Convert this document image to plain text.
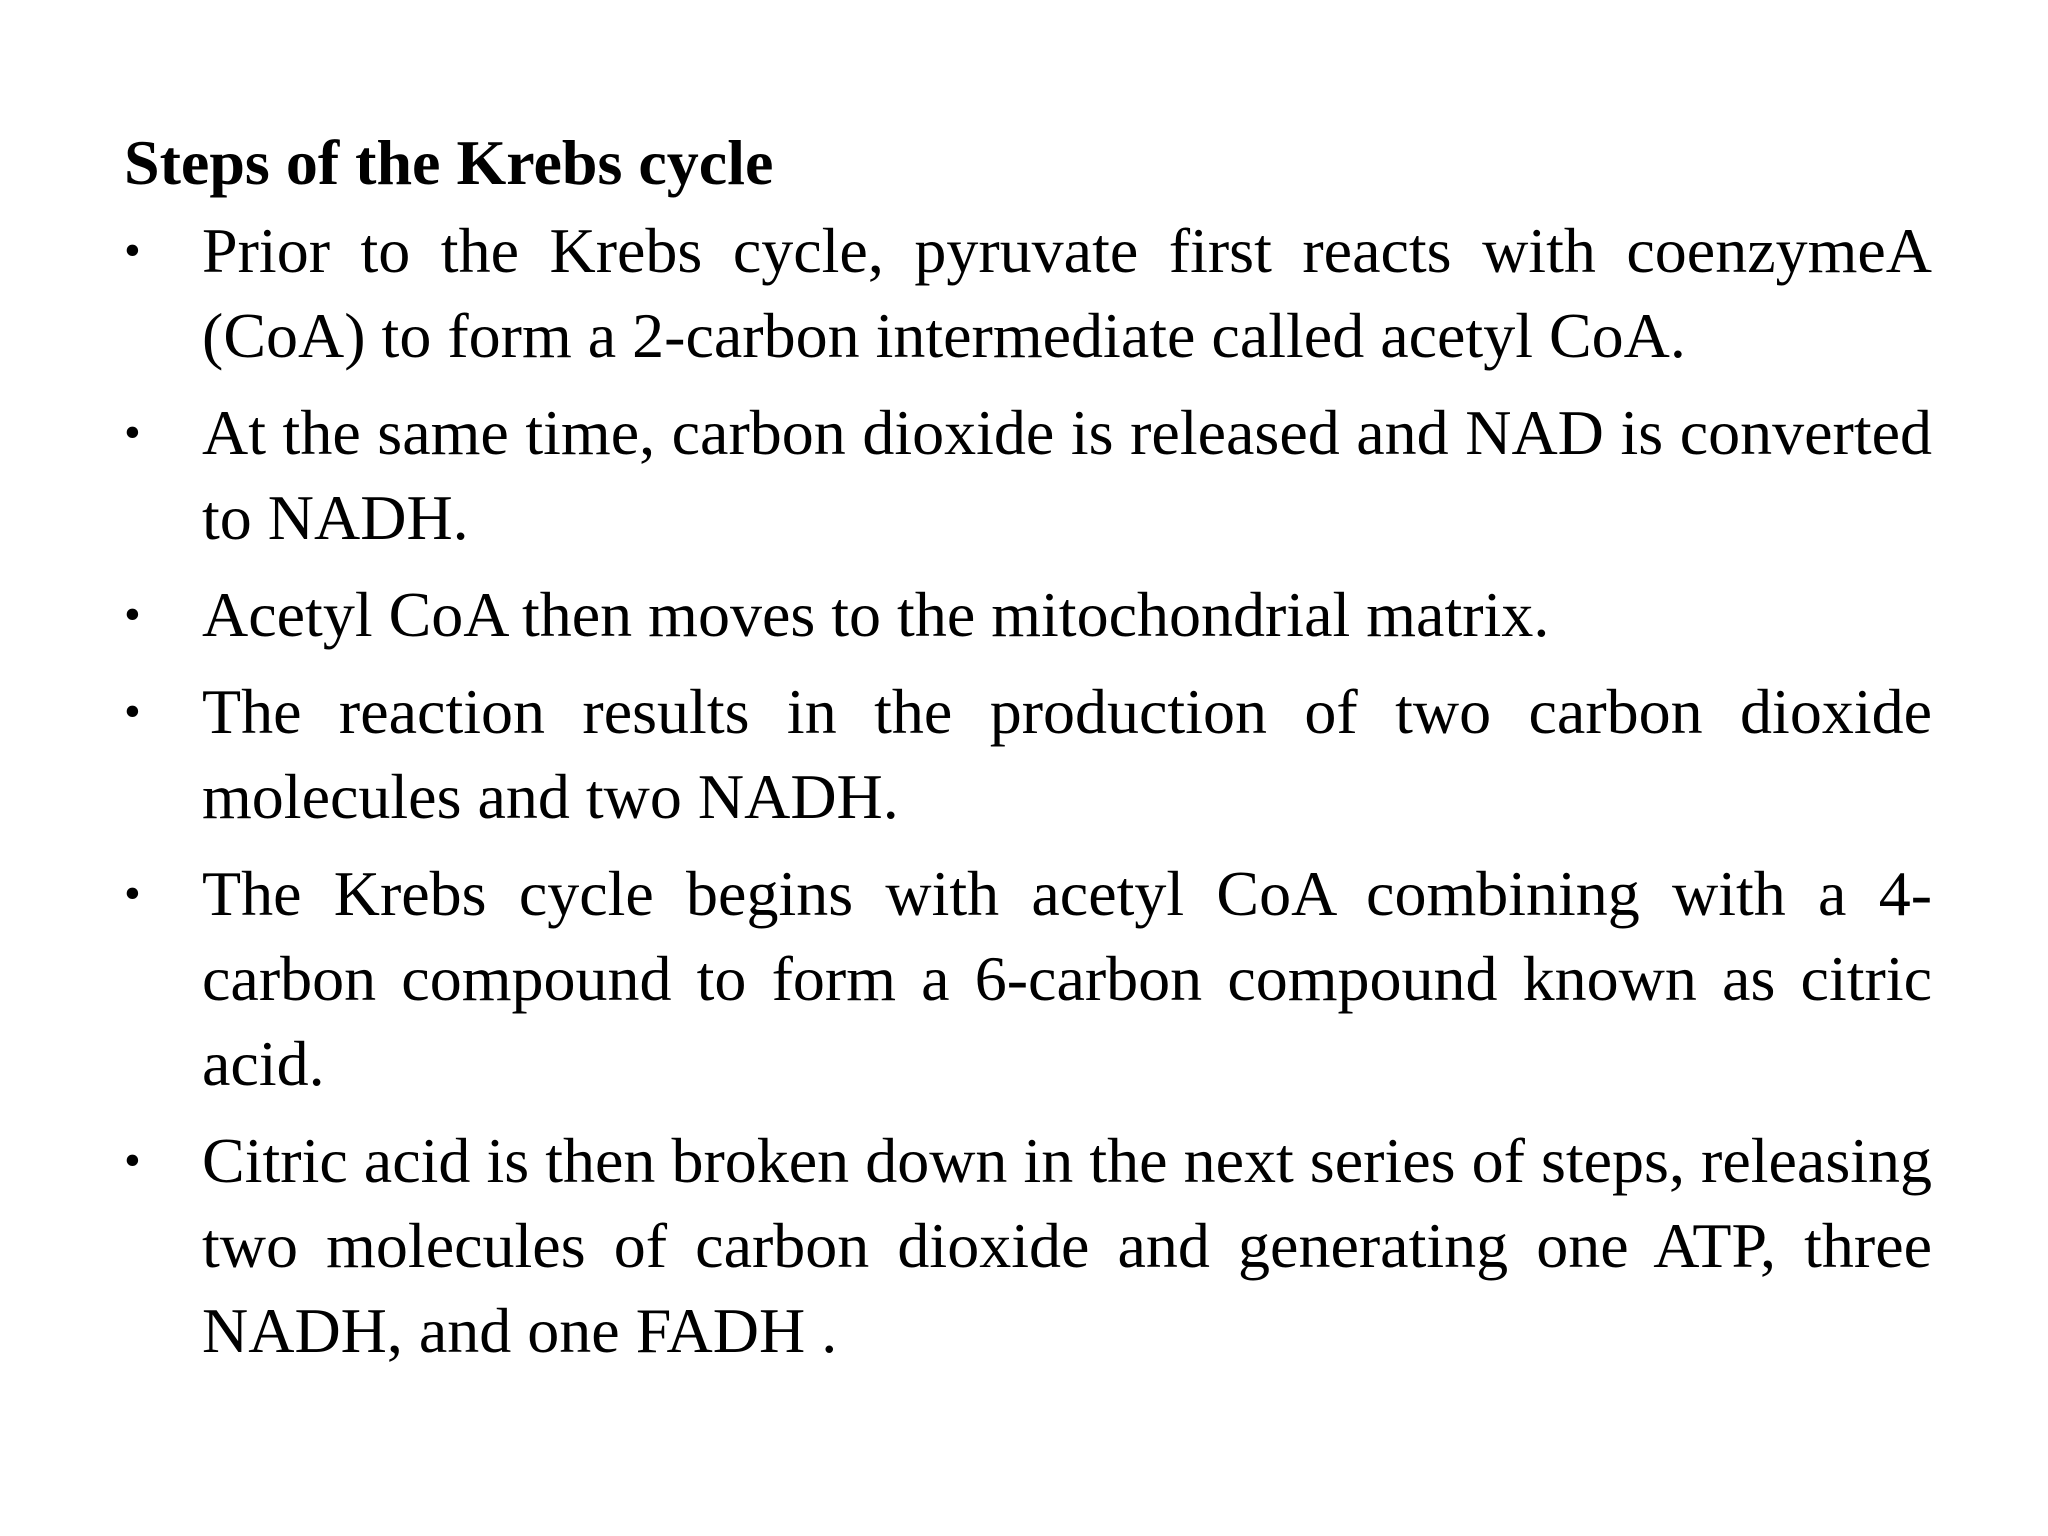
Steps of the Krebs cycle
• Prior to the Krebs cycle, pyruvate first reacts with coenzymeA (CoA) to form a 2-carbon intermediate called acetyl CoA.
• At the same time, carbon dioxide is released and NAD is converted to NADH.
• Acetyl CoA then moves to the mitochondrial matrix.
• The reaction results in the production of two carbon dioxide molecules and two NADH.
• The Krebs cycle begins with acetyl CoA combining with a 4-carbon compound to form a 6-carbon compound known as citric acid.
• Citric acid is then broken down in the next series of steps, releasing two molecules of carbon dioxide and generating one ATP, three NADH, and one FADH .
